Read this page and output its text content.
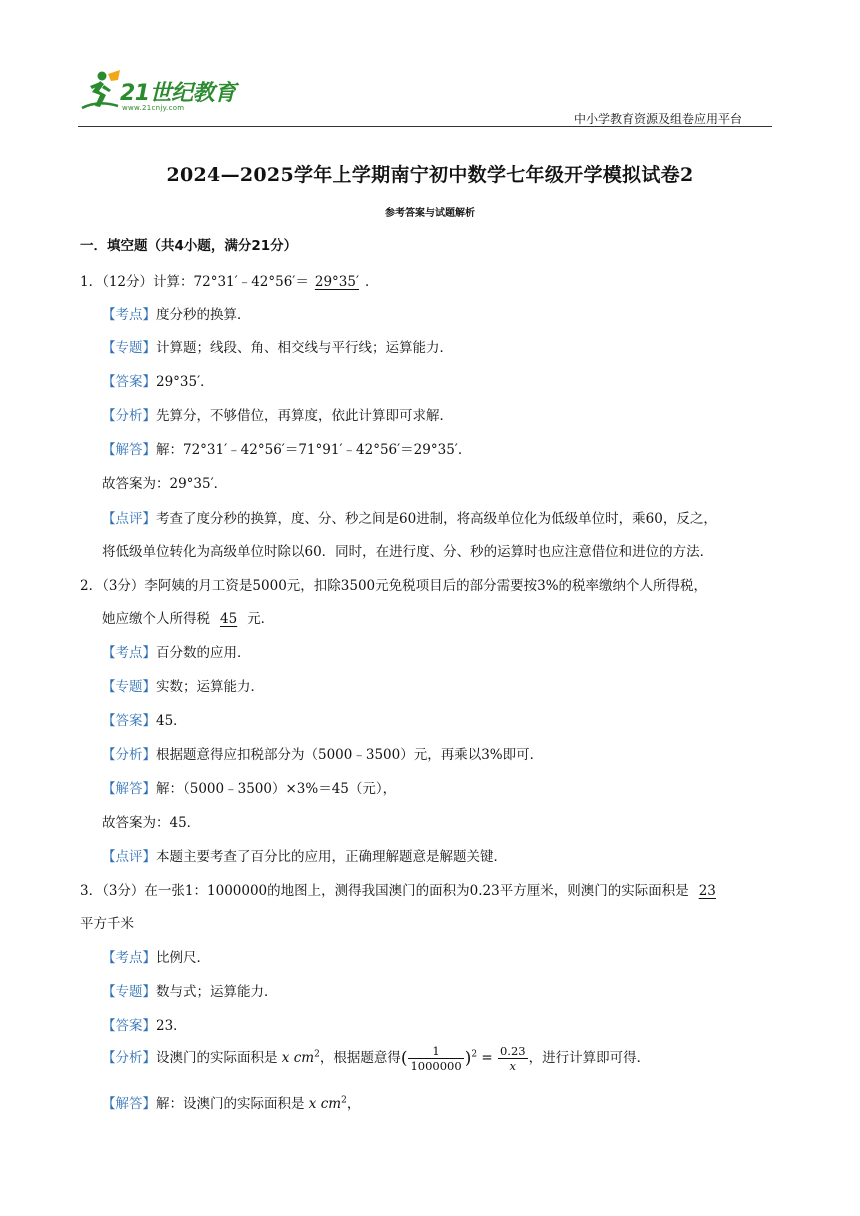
21世纪教育
www.21cnjy.com
中小学教育资源及组卷应用平台
2024—2025学年上学期南宁初中数学七年级开学模拟试卷2
参考答案与试题解析
一．填空题（共4小题，满分21分）
1．（12分）计算：72°31′﹣42°56′＝ 29°35′ ．
【考点】度分秒的换算．
【专题】计算题；线段、角、相交线与平行线；运算能力．
【答案】29°35′．
【分析】先算分，不够借位，再算度，依此计算即可求解．
【解答】解：72°31′﹣42°56′＝71°91′﹣42°56′＝29°35′．
故答案为：29°35′．
【点评】考查了度分秒的换算，度、分、秒之间是60进制，将高级单位化为低级单位时，乘60，反之，
将低级单位转化为高级单位时除以60．同时，在进行度、分、秒的运算时也应注意借位和进位的方法．
2．（3分）李阿姨的月工资是5000元，扣除3500元免税项目后的部分需要按3%的税率缴纳个人所得税，
她应缴个人所得税 45 元．
【考点】百分数的应用．
【专题】实数；运算能力．
【答案】45．
【分析】根据题意得应扣税部分为（5000﹣3500）元，再乘以3%即可．
【解答】解：（5000﹣3500）×3%＝45（元），
故答案为：45．
【点评】本题主要考查了百分比的应用，正确理解题意是解题关键．
3．（3分）在一张1：1000000的地图上，测得我国澳门的面积为0.23平方厘米，则澳门的实际面积是 23
平方千米
【考点】比例尺．
【专题】数与式；运算能力．
【答案】23．
【分析】设澳门的实际面积是 x $cm^2$，根据题意得( $\frac{1}{1000000} )^2 = \frac{0.23}{x}$ ，进行计算即可得．
【解答】解：设澳门的实际面积是 x $cm^2$，
